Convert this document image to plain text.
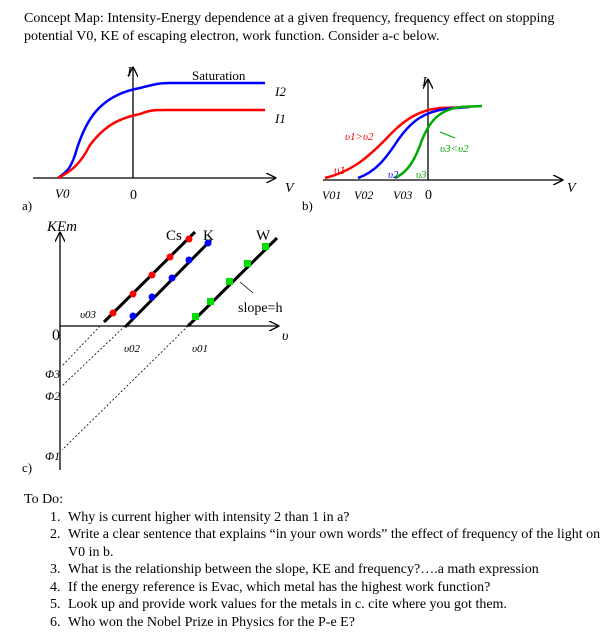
Concept Map: Intensity-Energy dependence at a given frequency, frequency effect on stopping potential V0, KE of escaping electron, work function. Consider a-c below.
I	Saturation
I2
I1
V
V0	0
a)
I
υ1>υ2
υ3<υ2
υ1	υ2 υ3
V
V01 V02 V03 0
b)
KEm
Cs K	W
slope=h
υ
υ03
υ02	υ01
0
Φ3
Φ2
Φ1
c)
To Do:
1. Why is current higher with intensity 2 than 1 in a?
2. Write a clear sentence that explains “in your own words” the effect of frequency of the light on V0 in b.
3. What is the relationship between the slope, KE and frequency?….a math expression
4. If the energy reference is Evac, which metal has the highest work function?
5. Look up and provide work values for the metals in c. cite where you got them.
6. Who won the Nobel Prize in Physics for the P-e E?
